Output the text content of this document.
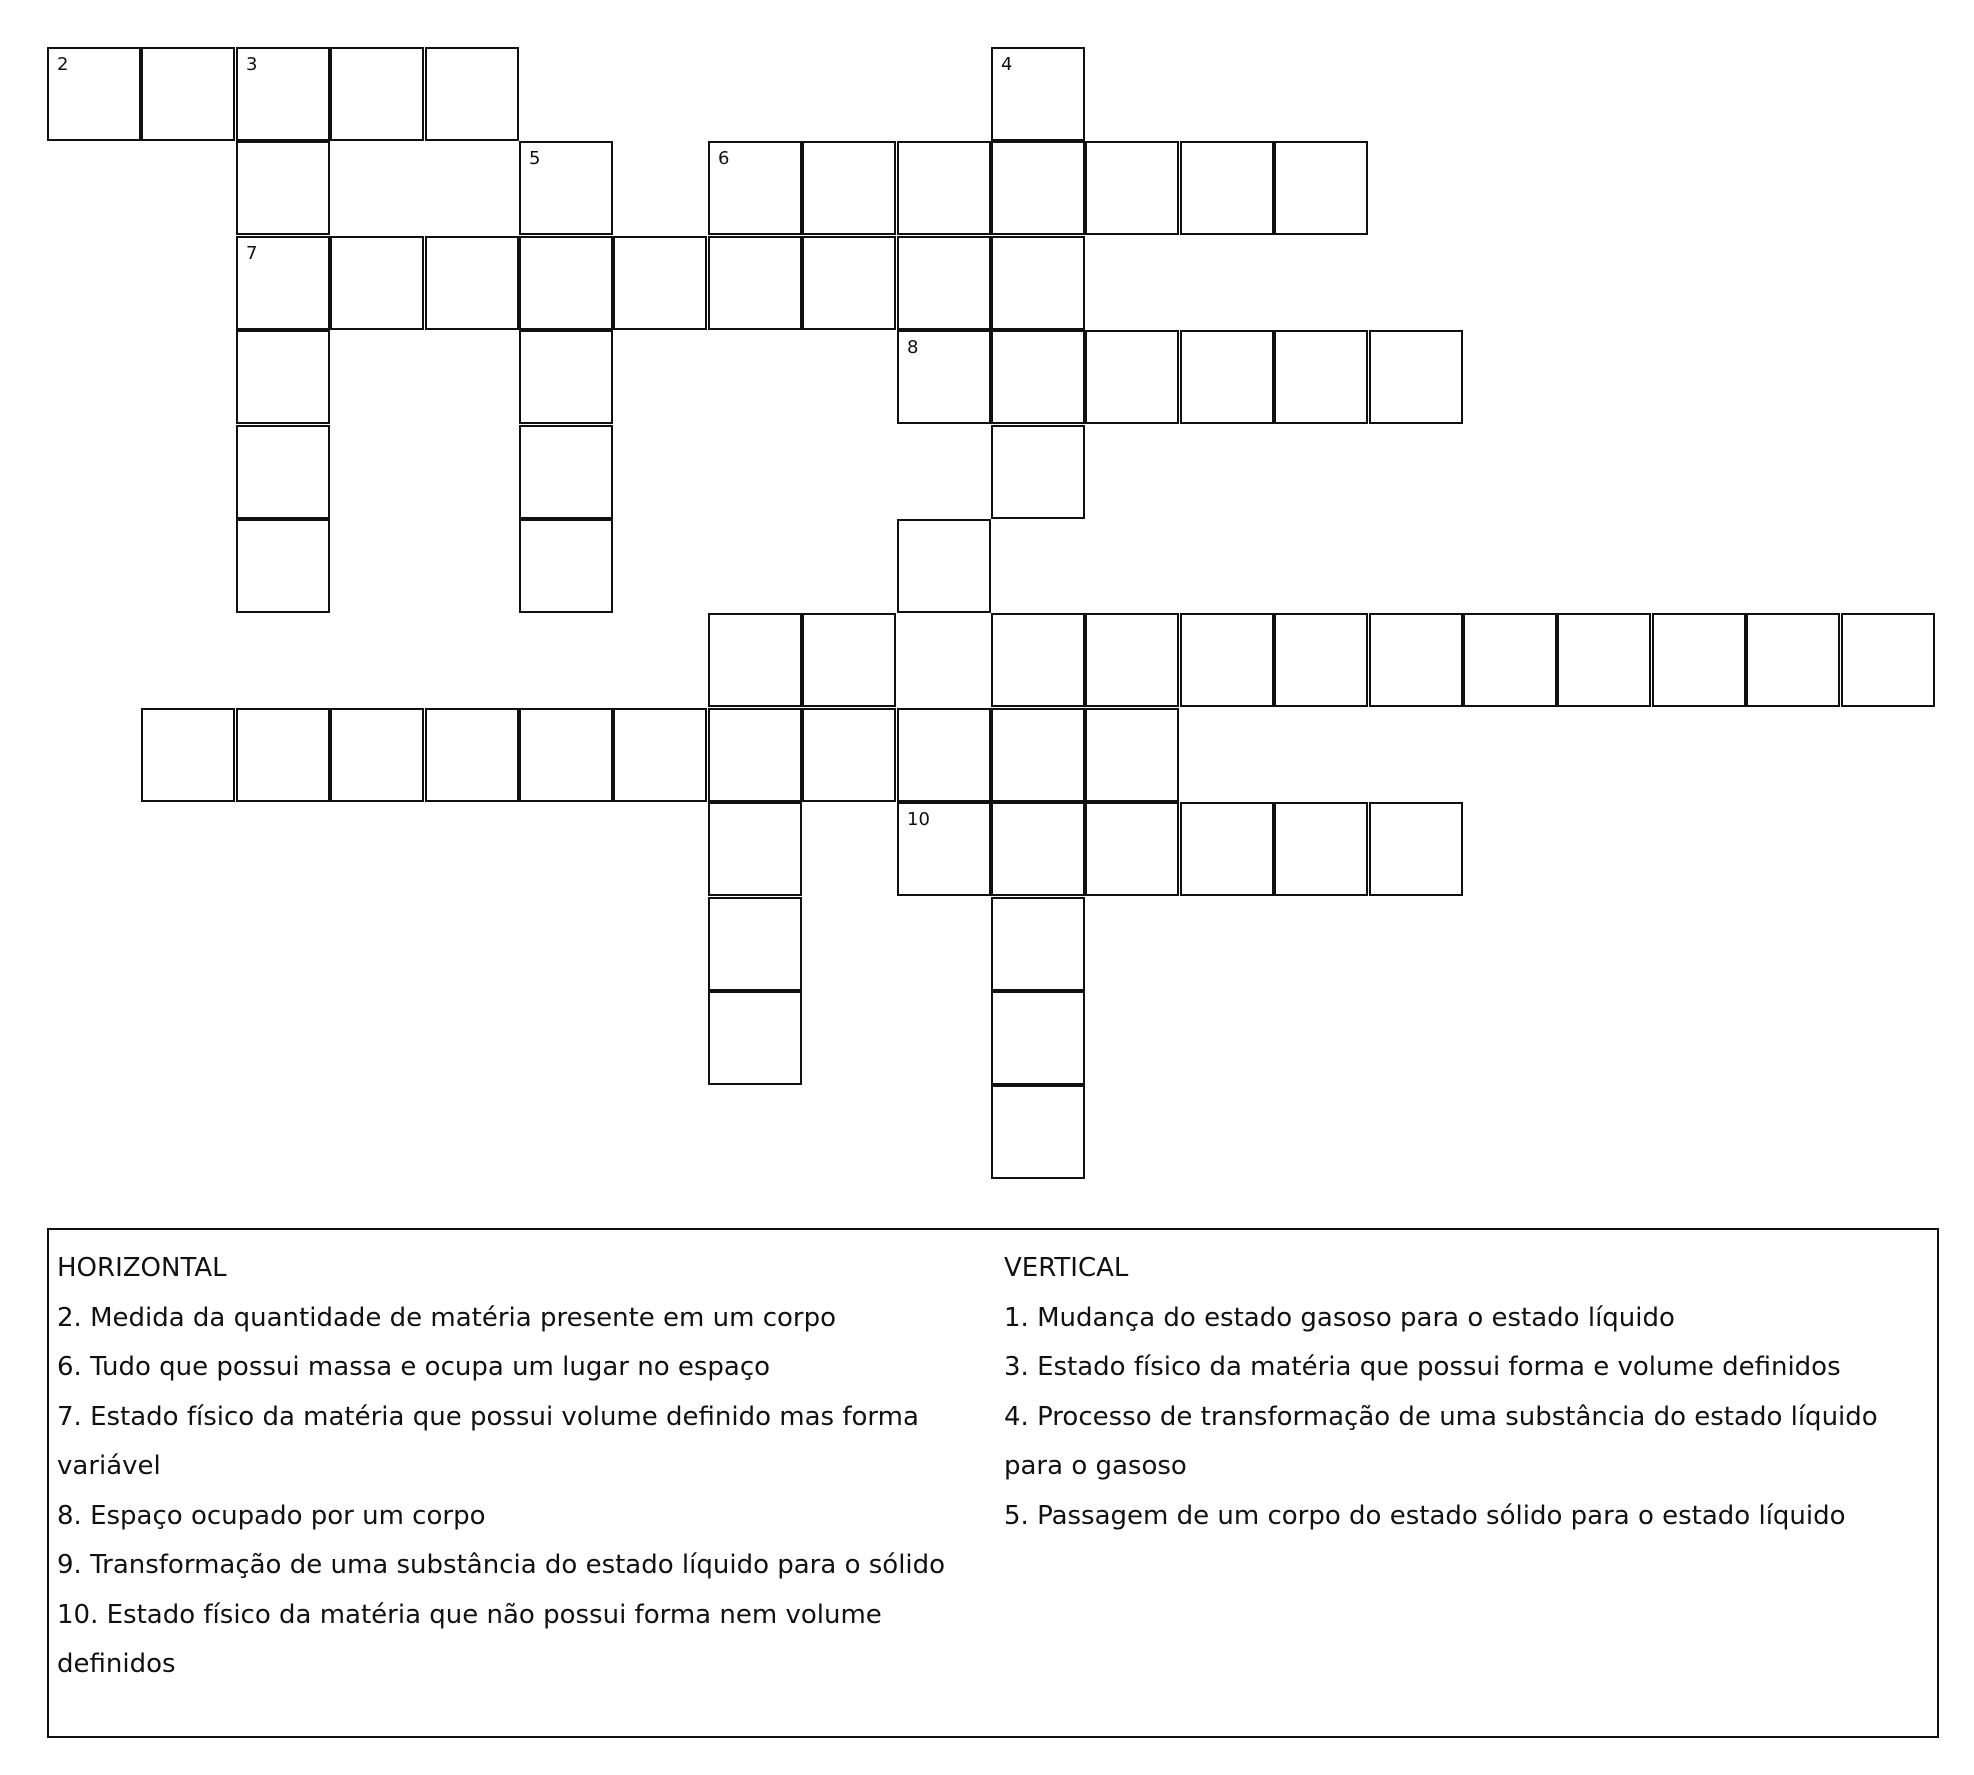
2	3
5	6
7
8
4
10

HORIZONTAL

2. Medida da quantidade de matéria presente em um corpo

6. Tudo que possui massa e ocupa um lugar no espaço

7. Estado físico da matéria que possui volume definido mas forma variável

8. Espaço ocupado por um corpo

9. Transformação de uma substância do estado líquido para o sólido

10. Estado físico da matéria que não possui forma nem volume definidos

VERTICAL

1. Mudança do estado gasoso para o estado líquido

3. Estado físico da matéria que possui forma e volume definidos

4. Processo de transformação de uma substância do estado líquido para o gasoso

5. Passagem de um corpo do estado sólido para o estado líquido
